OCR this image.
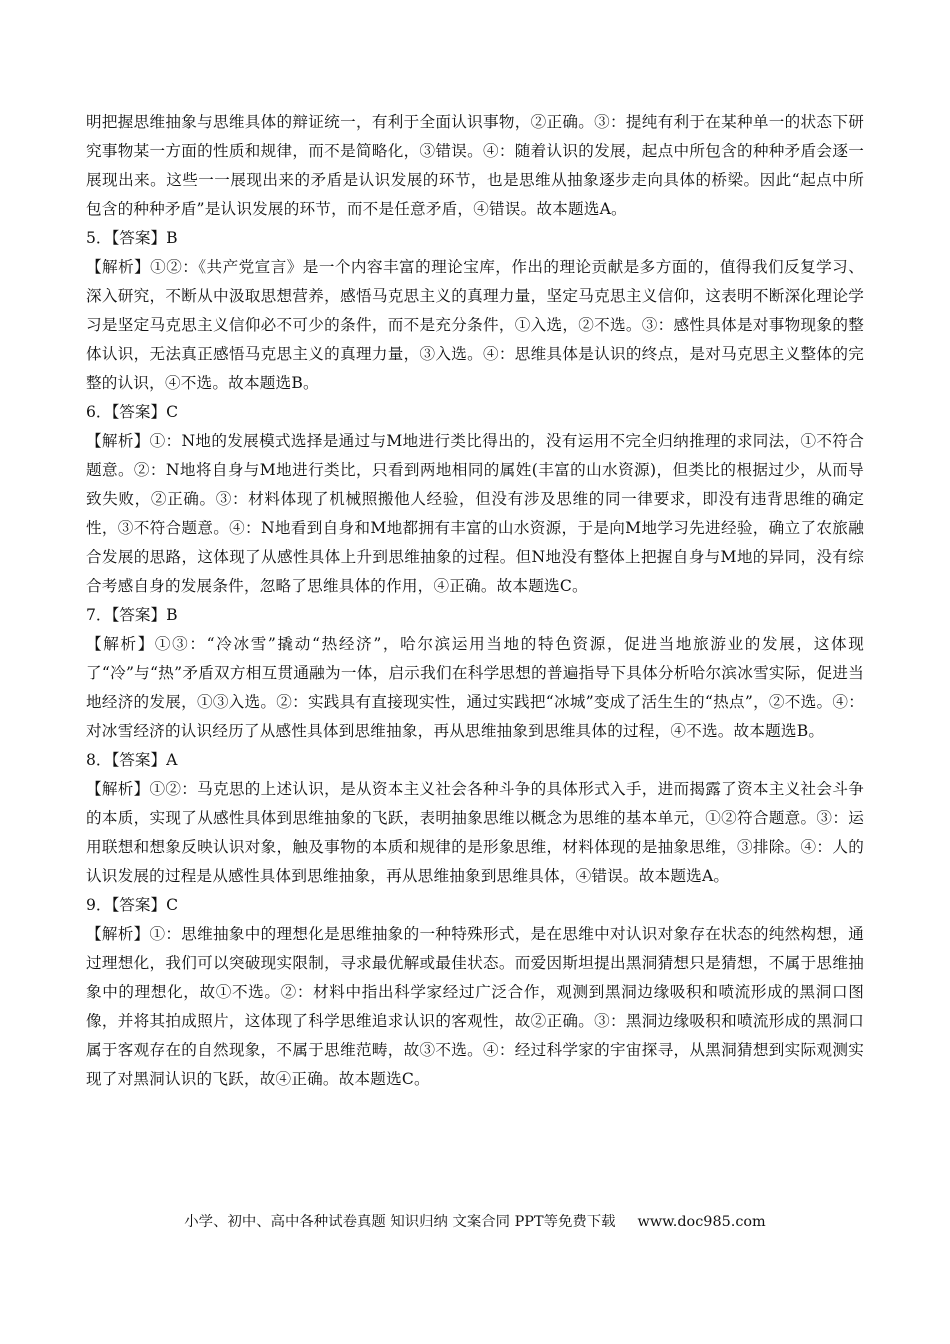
明把握思维抽象与思维具体的辩证统一，有利于全面认识事物，②正确。③：提纯有利于在某种单一的状态下研究事物某一方面的性质和规律，而不是简略化，③错误。④：随着认识的发展，起点中所包含的种种矛盾会逐一展现出来。这些一一展现出来的矛盾是认识发展的环节，也是思维从抽象逐步走向具体的桥梁。因此“起点中所包含的种种矛盾”是认识发展的环节，而不是任意矛盾，④错误。故本题选A。

5．【答案】B

【解析】①②：《共产党宣言》是一个内容丰富的理论宝库，作出的理论贡献是多方面的，值得我们反复学习、深入研究，不断从中汲取思想营养，感悟马克思主义的真理力量，坚定马克思主义信仰，这表明不断深化理论学习是坚定马克思主义信仰必不可少的条件，而不是充分条件，①入选，②不选。③：感性具体是对事物现象的整体认识，无法真正感悟马克思主义的真理力量，③入选。④：思维具体是认识的终点，是对马克思主义整体的完整的认识，④不选。故本题选B。

6．【答案】C

【解析】①：N地的发展模式选择是通过与M地进行类比得出的，没有运用不完全归纳推理的求同法，①不符合题意。②：N地将自身与M地进行类比，只看到两地相同的属姓(丰富的山水资源)，但类比的根据过少，从而导致失败，②正确。③：材料体现了机械照搬他人经验，但没有涉及思维的同一律要求，即没有违背思维的确定性，③不符合题意。④：N地看到自身和M地都拥有丰富的山水资源，于是向M地学习先进经验，确立了农旅融合发展的思路，这体现了从感性具体上升到思维抽象的过程。但N地没有整体上把握自身与M地的异同，没有综合考感自身的发展条件，忽略了思维具体的作用，④正确。故本题选C。

7．【答案】B

【解析】①③：“冷冰雪”撬动“热经济”，哈尔滨运用当地的特色资源，促进当地旅游业的发展，这体现了“冷”与“热”矛盾双方相互贯通融为一体，启示我们在科学思想的普遍指导下具体分析哈尔滨冰雪实际，促进当地经济的发展，①③入选。②：实践具有直接现实性，通过实践把“冰城”变成了活生生的“热点”，②不选。④：对冰雪经济的认识经历了从感性具体到思维抽象，再从思维抽象到思维具体的过程，④不选。故本题选B。

8．【答案】A

【解析】①②：马克思的上述认识，是从资本主义社会各种斗争的具体形式入手，进而揭露了资本主义社会斗争的本质，实现了从感性具体到思维抽象的飞跃，表明抽象思维以概念为思维的基本单元，①②符合题意。③：运用联想和想象反映认识对象，触及事物的本质和规律的是形象思维，材料体现的是抽象思维，③排除。④：人的认识发展的过程是从感性具体到思维抽象，再从思维抽象到思维具体，④错误。故本题选A。

9．【答案】C

【解析】①：思维抽象中的理想化是思维抽象的一种特殊形式，是在思维中对认识对象存在状态的纯然构想，通过理想化，我们可以突破现实限制，寻求最优解或最佳状态。而爱因斯坦提出黑洞猜想只是猜想，不属于思维抽象中的理想化，故①不选。②：材料中指出科学家经过广泛合作，观测到黑洞边缘吸积和喷流形成的黑洞口图像，并将其拍成照片，这体现了科学思维追求认识的客观性，故②正确。③：黑洞边缘吸积和喷流形成的黑洞口属于客观存在的自然现象，不属于思维范畴，故③不选。④：经过科学家的宇宙探寻，从黑洞猜想到实际观测实现了对黑洞认识的飞跃，故④正确。故本题选C。

小学、初中、高中各种试卷真题 知识归纳 文案合同 PPT等免费下载 www.doc985.com
